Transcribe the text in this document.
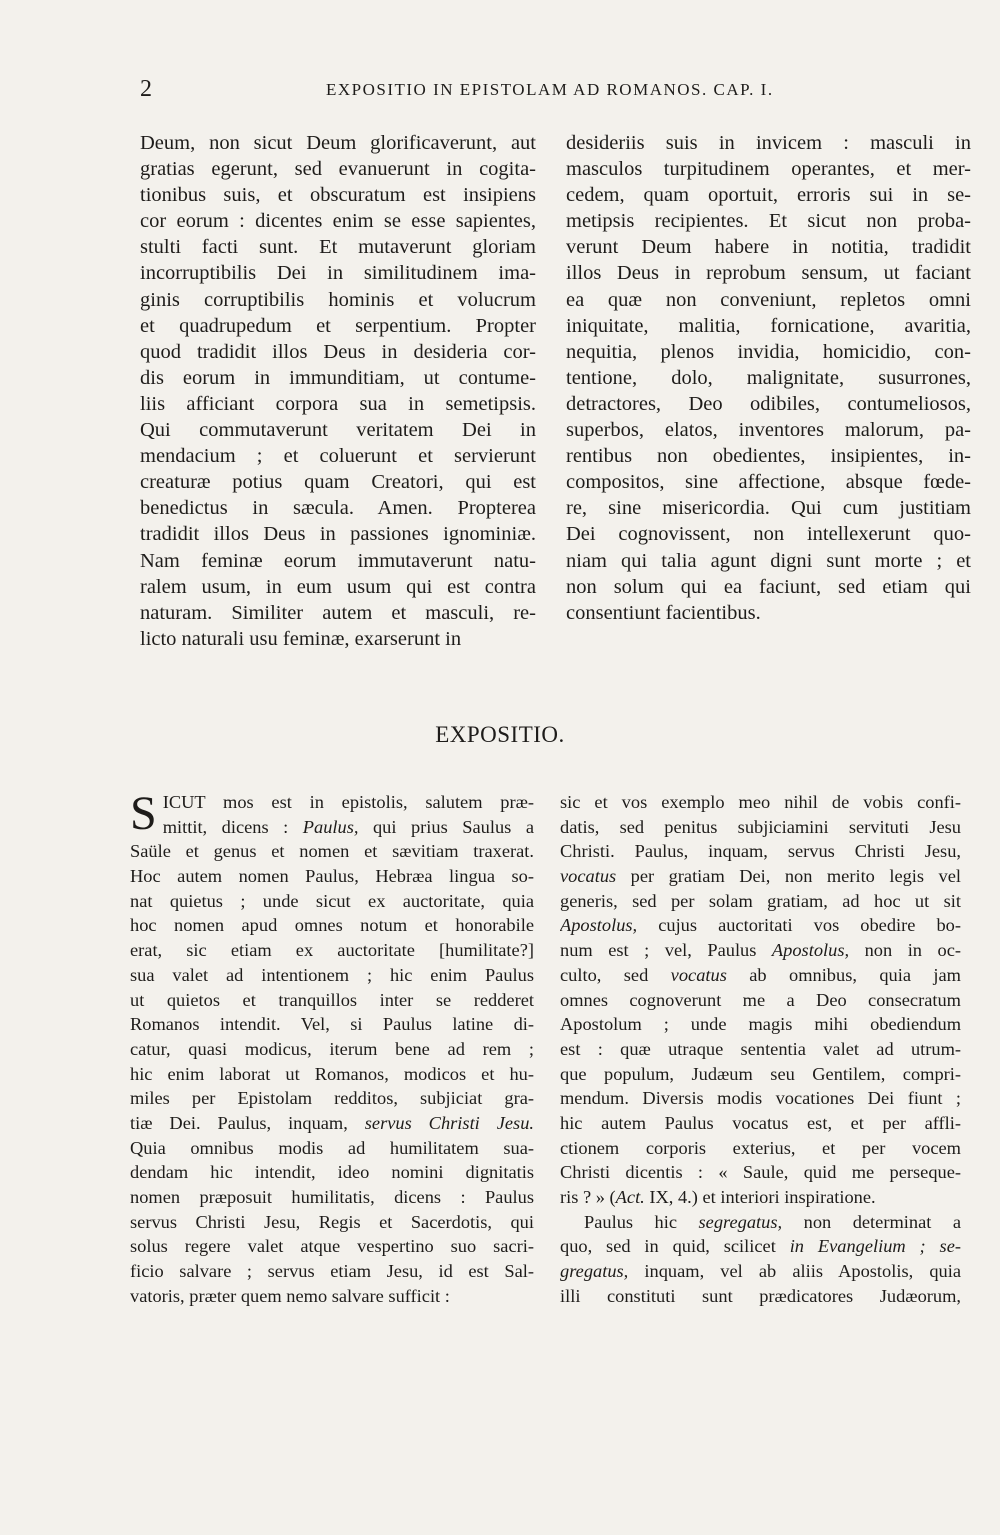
2	EXPOSITIO IN EPISTOLAM AD ROMANOS. CAP. I.

Deum, non sicut Deum glorificaverunt, aut
gratias egerunt, sed evanuerunt in cogita-
tionibus suis, et obscuratum est insipiens
cor eorum : dicentes enim se esse sapientes,
stulti facti sunt. Et mutaverunt gloriam
incorruptibilis Dei in similitudinem ima-
ginis corruptibilis hominis et volucrum
et quadrupedum et serpentium. Propter
quod tradidit illos Deus in desideria cor-
dis eorum in immunditiam, ut contume-
liis afficiant corpora sua in semetipsis.
Qui commutaverunt veritatem Dei in
mendacium ; et coluerunt et servierunt
creaturæ potius quam Creatori, qui est
benedictus in sæcula. Amen. Propterea
tradidit illos Deus in passiones ignominiæ.
Nam feminæ eorum immutaverunt natu-
ralem usum, in eum usum qui est contra
naturam. Similiter autem et masculi, re-
licto naturali usu feminæ, exarserunt in
desideriis suis in invicem : masculi in
masculos turpitudinem operantes, et mer-
cedem, quam oportuit, erroris sui in se-
metipsis recipientes. Et sicut non proba-
verunt Deum habere in notitia, tradidit
illos Deus in reprobum sensum, ut faciant
ea quæ non conveniunt, repletos omni
iniquitate, malitia, fornicatione, avaritia,
nequitia, plenos invidia, homicidio, con-
tentione, dolo, malignitate, susurrones,
detractores, Deo odibiles, contumeliosos,
superbos, elatos, inventores malorum, pa-
rentibus non obedientes, insipientes, in-
compositos, sine affectione, absque fœde-
re, sine misericordia. Qui cum justitiam
Dei cognovissent, non intellexerunt quo-
niam qui talia agunt digni sunt morte ; et
non solum qui ea faciunt, sed etiam qui
consentiunt facientibus.
EXPOSITIO.
S ICUT mos est in epistolis, salutem præ-
mittit, dicens : Paulus, qui prius Saulus a
Saüle et genus et nomen et sævitiam traxerat.
Hoc autem nomen Paulus, Hebræa lingua so-
nat quietus ; unde sicut ex auctoritate, quia
hoc nomen apud omnes notum et honorabile
erat, sic etiam ex auctoritate [humilitate?]
sua valet ad intentionem ; hic enim Paulus
ut quietos et tranquillos inter se redderet
Romanos intendit. Vel, si Paulus latine di-
catur, quasi modicus, iterum bene ad rem ;
hic enim laborat ut Romanos, modicos et hu-
miles per Epistolam redditos, subjiciat gra-
tiæ Dei. Paulus, inquam, servus Christi Jesu.
Quia omnibus modis ad humilitatem sua-
dendam hic intendit, ideo nomini dignitatis
nomen præposuit humilitatis, dicens : Paulus
servus Christi Jesu, Regis et Sacerdotis, qui
solus regere valet atque vespertino suo sacri-
ficio salvare ; servus etiam Jesu, id est Sal-
vatoris, præter quem nemo salvare sufficit :
sic et vos exemplo meo nihil de vobis confi-
datis, sed penitus subjiciamini servituti Jesu
Christi. Paulus, inquam, servus Christi Jesu,
vocatus per gratiam Dei, non merito legis vel
generis, sed per solam gratiam, ad hoc ut sit
Apostolus, cujus auctoritati vos obedire bo-
num est ; vel, Paulus Apostolus, non in oc-
culto, sed vocatus ab omnibus, quia jam
omnes cognoverunt me a Deo consecratum
Apostolum ; unde magis mihi obediendum
est : quæ utraque sententia valet ad utrum-
que populum, Judæum seu Gentilem, compri-
mendum. Diversis modis vocationes Dei fiunt ;
hic autem Paulus vocatus est, et per affli-
ctionem corporis exterius, et per vocem
Christi dicentis : « Saule, quid me perseque-
ris ? » (Act. IX, 4.) et interiori inspiratione.
Paulus hic segregatus, non determinat a
quo, sed in quid, scilicet in Evangelium ; se-
gregatus, inquam, vel ab aliis Apostolis, quia
illi constituti sunt prædicatores Judæorum,
